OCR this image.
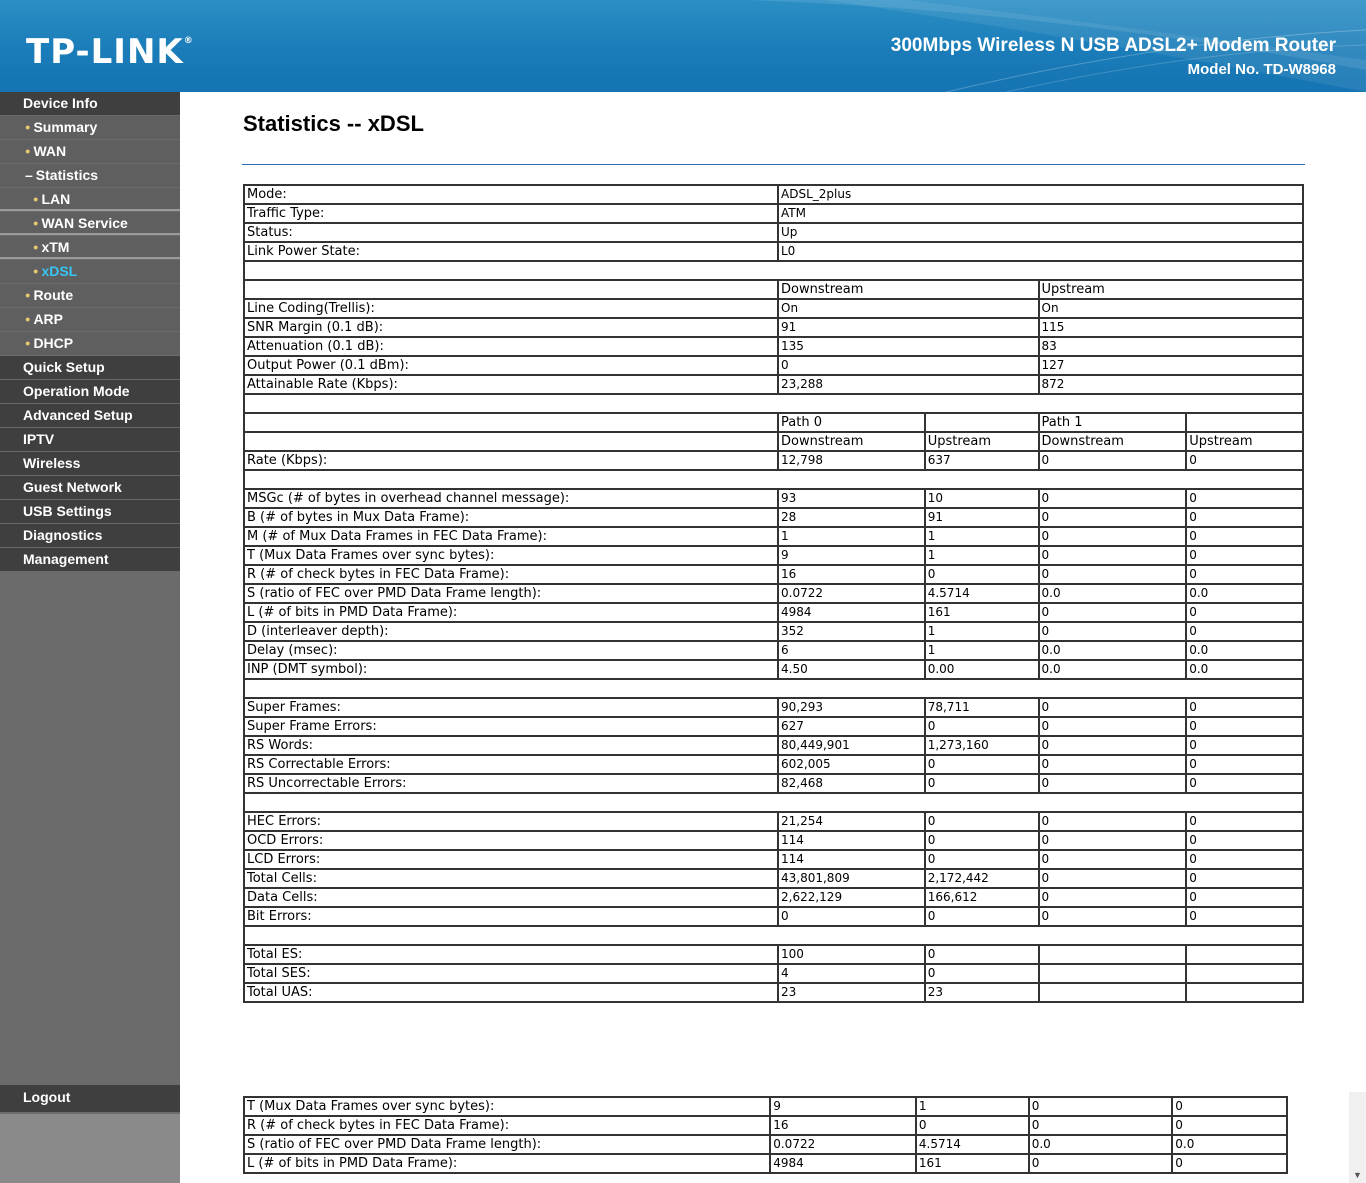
TP-LINK®	300Mbps Wireless N USB ADSL2+ Modem Router
Model No. TD-W8968
Device Info
● Summary
● WAN
– Statistics
● LAN
● WAN Service
● xTM
● xDSL
● Route
● ARP
● DHCP
Quick Setup
Operation Mode
Advanced Setup
IPTV
Wireless
Guest Network
USB Settings
Diagnostics
Management
Logout
Statistics -- xDSL
Mode:	ADSL_2plus			
Traffic Type:	ATM			
Status:	Up			
Link Power State:	L0			

	Downstream		Upstream	
Line Coding(Trellis):	On		On	
SNR Margin (0.1 dB):	91		115	
Attenuation (0.1 dB):	135		83	
Output Power (0.1 dBm):	0		127	
Attainable Rate (Kbps):	23,288		872	

	Path 0		Path 1	
	Downstream	Upstream	Downstream	Upstream
Rate (Kbps):	12,798	637	0	0

MSGc (# of bytes in overhead channel message):	93	10	0	0
B (# of bytes in Mux Data Frame):	28	91	0	0
M (# of Mux Data Frames in FEC Data Frame):	1	1	0	0
T (Mux Data Frames over sync bytes):	9	1	0	0
R (# of check bytes in FEC Data Frame):	16	0	0	0
S (ratio of FEC over PMD Data Frame length):	0.0722	4.5714	0.0	0.0
L (# of bits in PMD Data Frame):	4984	161	0	0
D (interleaver depth):	352	1	0	0
Delay (msec):	6	1	0.0	0.0
INP (DMT symbol):	4.50	0.00	0.0	0.0

Super Frames:	90,293	78,711	0	0
Super Frame Errors:	627	0	0	0
RS Words:	80,449,901	1,273,160	0	0
RS Correctable Errors:	602,005	0	0	0
RS Uncorrectable Errors:	82,468	0	0	0

HEC Errors:	21,254	0	0	0
OCD Errors:	114	0	0	0
LCD Errors:	114	0	0	0
Total Cells:	43,801,809	2,172,442	0	0
Data Cells:	2,622,129	166,612	0	0
Bit Errors:	0	0	0	0

Total ES:	100	0		
Total SES:	4	0		
Total UAS:	23	23		
T (Mux Data Frames over sync bytes):	9	1	0	0
R (# of check bytes in FEC Data Frame):	16	0	0	0
S (ratio of FEC over PMD Data Frame length):	0.0722	4.5714	0.0	0.0
L (# of bits in PMD Data Frame):	4984	161	0	0
▼
